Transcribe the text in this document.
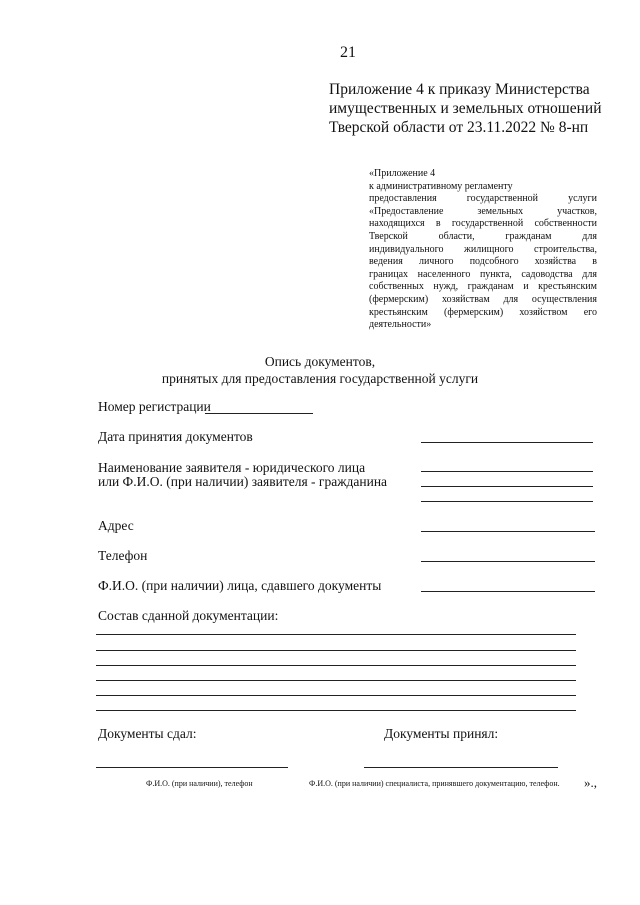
21
Приложение 4 к приказу Министерства
имущественных и земельных отношений
Тверской области от 23.11.2022 № 8-нп
«Приложение 4
к административному регламенту
предоставления государственной услуги
«Предоставление земельных участков,
находящихся в государственной собственности
Тверской области, гражданам для
индивидуального жилищного строительства,
ведения личного подсобного хозяйства в
границах населенного пункта, садоводства для
собственных нужд, гражданам и крестьянским
(фермерским) хозяйствам для осуществления
крестьянским (фермерским) хозяйством его
деятельности»
Опись документов,
принятых для предоставления государственной услуги
Номер регистрации
Дата принятия документов
Наименование заявителя - юридического лица
или Ф.И.О. (при наличии) заявителя - гражданина
Адрес
Телефон
Ф.И.О. (при наличии) лица, сдавшего документы
Состав сданной документации:
Документы сдал:	Документы принял:
Ф.И.О. (при наличии), телефон	Ф.И.О. (при наличии) специалиста, принявшего документацию, телефон. ».,
